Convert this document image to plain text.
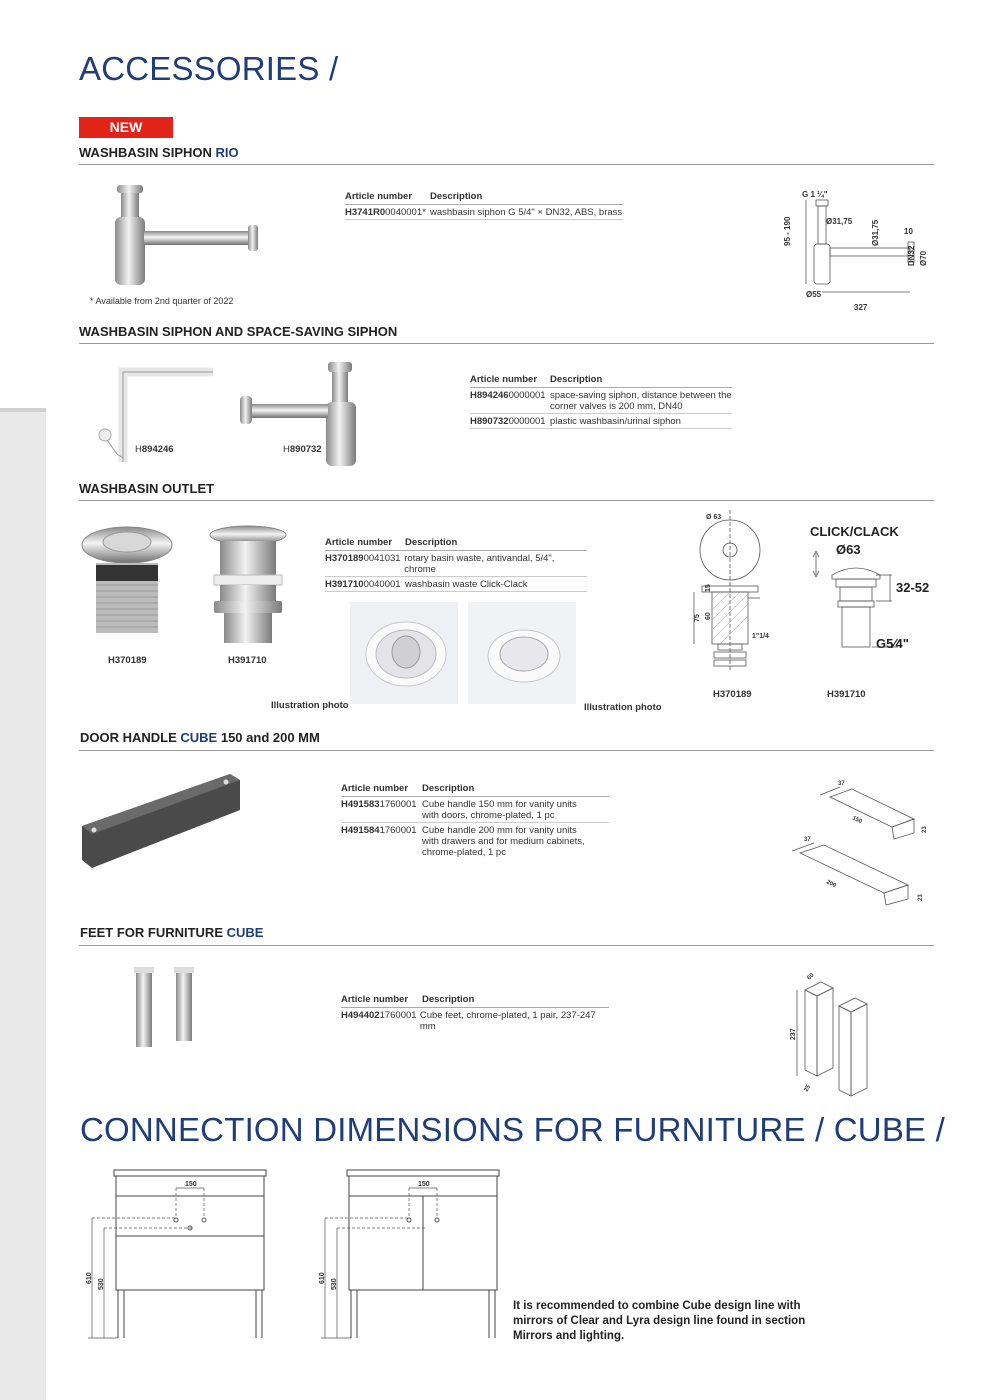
ACCESSORIES /
NEW
WASHBASIN SIPHON RIO
* Available from 2nd quarter of 2022
Article number	Description
H3741R00040001* washbasin siphon G 5/4" × DN32, ABS, brass
G 1 ¼"
95 - 190	Ø31,75 Ø31,75	10
DN32 Ø70
Ø55
327
WASHBASIN SIPHON AND SPACE-SAVING SIPHON
H894246	H890732
Article number	Description
H8942460000001 space-saving siphon, distance between the
corner valves is 200 mm, DN40
H8907320000001 plastic washbasin/urinal siphon
WASHBASIN OUTLET
H370189	H391710
Article number	Description
H3701890041031 rotary basin waste, antivandal, 5/4", chrome
H3917100040001 washbasin waste Click-Clack
Illustration photo	Illustration photo
Ø 63
75 60
15
1"1/4
H370189
CLICK/CLACK
Ø63
32-52
G5⁄4"
H391710
DOOR HANDLE CUBE 150 and 200 MM
Article number	Description
H4915831760001 Cube handle 150 mm for vanity units
with doors, chrome-plated, 1 pc
H4915841760001 Cube handle 200 mm for vanity units
with drawers and for medium cabinets,
chrome-plated, 1 pc
37
150
23
37
200
23
FEET FOR FURNITURE CUBE
Article number	Description
H4944021760001 Cube feet, chrome-plated, 1 pair, 237-247 mm
60
237
25
CONNECTION DIMENSIONS FOR FURNITURE / CUBE /
150
610
530
150
610
530
It is recommended to combine Cube design line with mirrors of Clear and Lyra design line found in section Mirrors and lighting.
